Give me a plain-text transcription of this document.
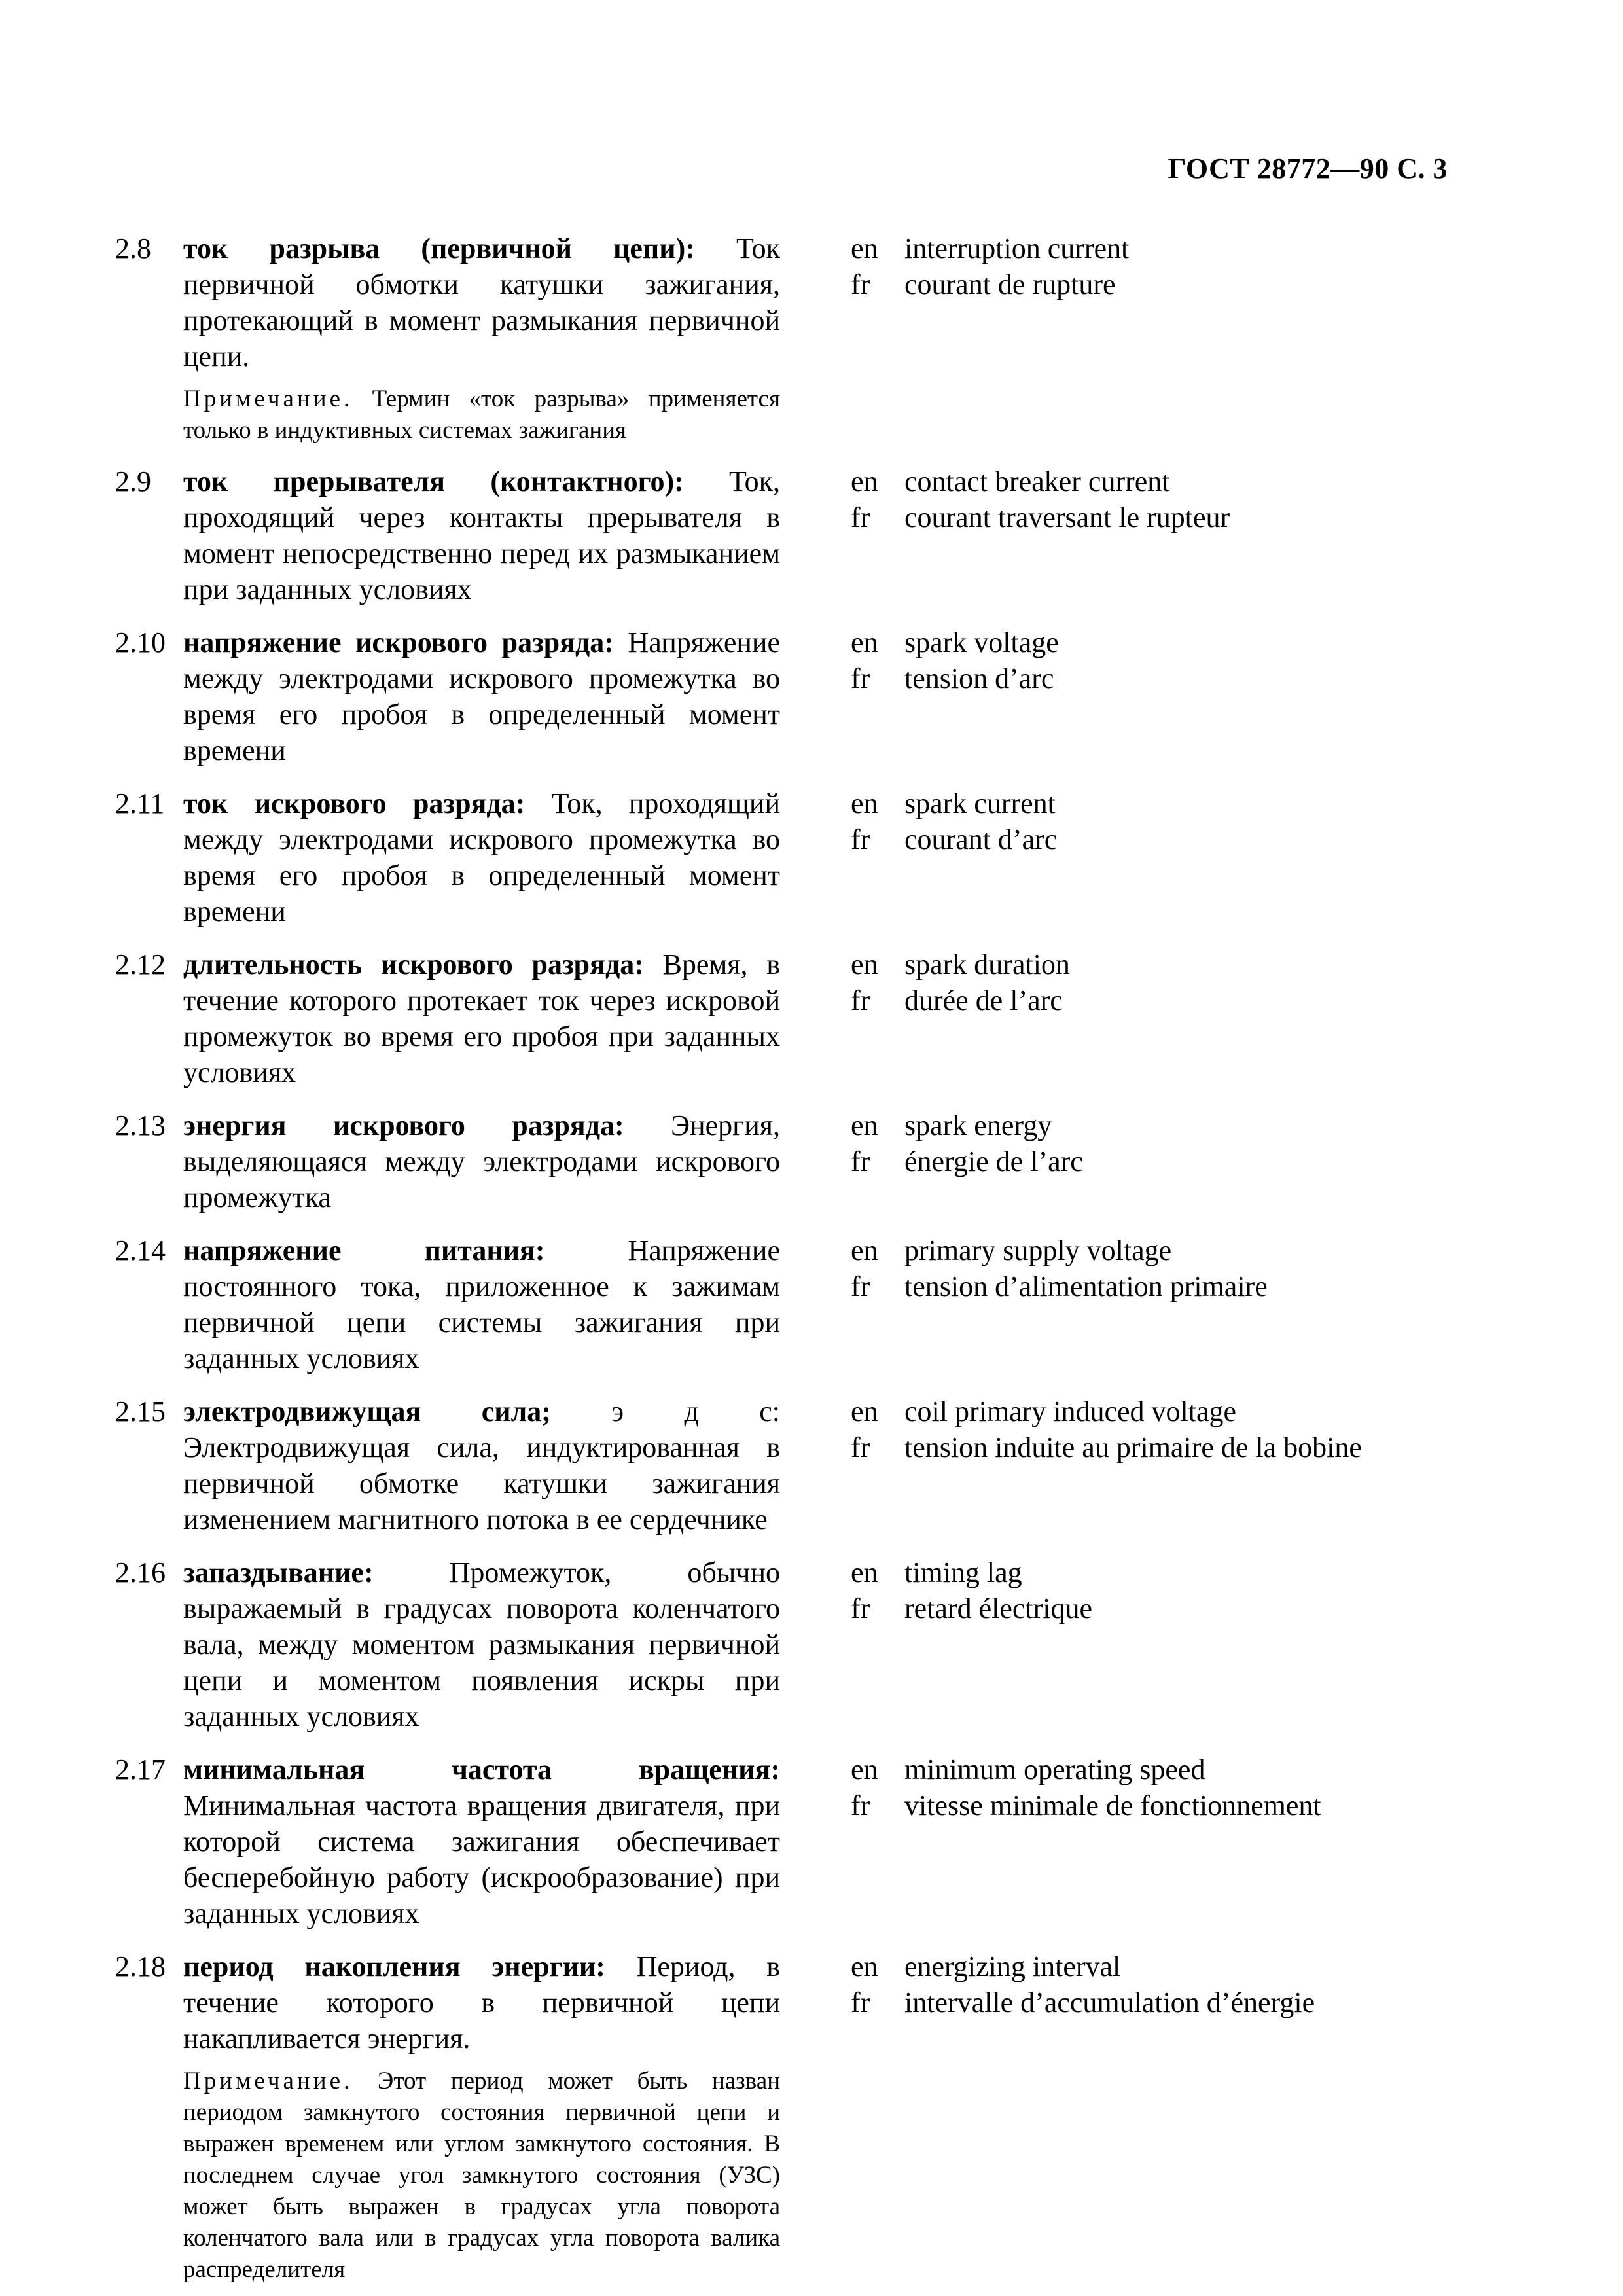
ГОСТ 28772—90 С. 3
2.8 ток разрыва (первичной цепи): Ток первичной обмотки катушки зажигания, протекающий в момент размыкания первичной цепи.

Примечание. Термин «ток разрыва» применяется только в индуктивных системах зажигания

en interruption current
fr courant de rupture
2.9 ток прерывателя (контактного): Ток, проходящий через контакты прерывателя в момент непосредственно перед их размыканием при заданных условиях

en contact breaker current
fr courant traversant le rupteur
2.10 напряжение искрового разряда: Напряжение между электродами искрового промежутка во время его пробоя в определенный момент времени

en spark voltage
fr tension d’arc
2.11 ток искрового разряда: Ток, проходящий между электродами искрового промежутка во время его пробоя в определенный момент времени

en spark current
fr courant d’arc
2.12 длительность искрового разряда: Время, в течение которого протекает ток через искровой промежуток во время его пробоя при заданных условиях

en spark duration
fr durée de l’arc
2.13 энергия искрового разряда: Энергия, выделяющаяся между электродами искрового промежутка

en spark energy
fr énergie de l’arc
2.14 напряжение питания: Напряжение постоянного тока, приложенное к зажимам первичной цепи системы зажигания при заданных условиях

en primary supply voltage
fr tension d’alimentation primaire
2.15 электродвижущая сила; э д с: Электродвижущая сила, индуктированная в первичной обмотке катушки зажигания изменением магнитного потока в ее сердечнике

en coil primary induced voltage
fr tension induite au primaire de la bobine
2.16 запаздывание: Промежуток, обычно выражаемый в градусах поворота коленчатого вала, между моментом размыкания первичной цепи и моментом появления искры при заданных условиях

en timing lag
fr retard électrique
2.17 минимальная частота вращения: Минимальная частота вращения двигателя, при которой система зажигания обеспечивает бесперебойную работу (искрообразование) при заданных условиях

en minimum operating speed
fr vitesse minimale de fonctionnement
2.18 период накопления энергии: Период, в течение которого в первичной цепи накапливается энергия.

Примечание. Этот период может быть назван периодом замкнутого состояния первичной цепи и выражен временем или углом замкнутого состояния. В последнем случае угол замкнутого состояния (УЗС) может быть выражен в градусах угла поворота коленчатого вала или в градусах угла поворота валика распределителя

en energizing interval
fr intervalle d’accumulation d’énergie
